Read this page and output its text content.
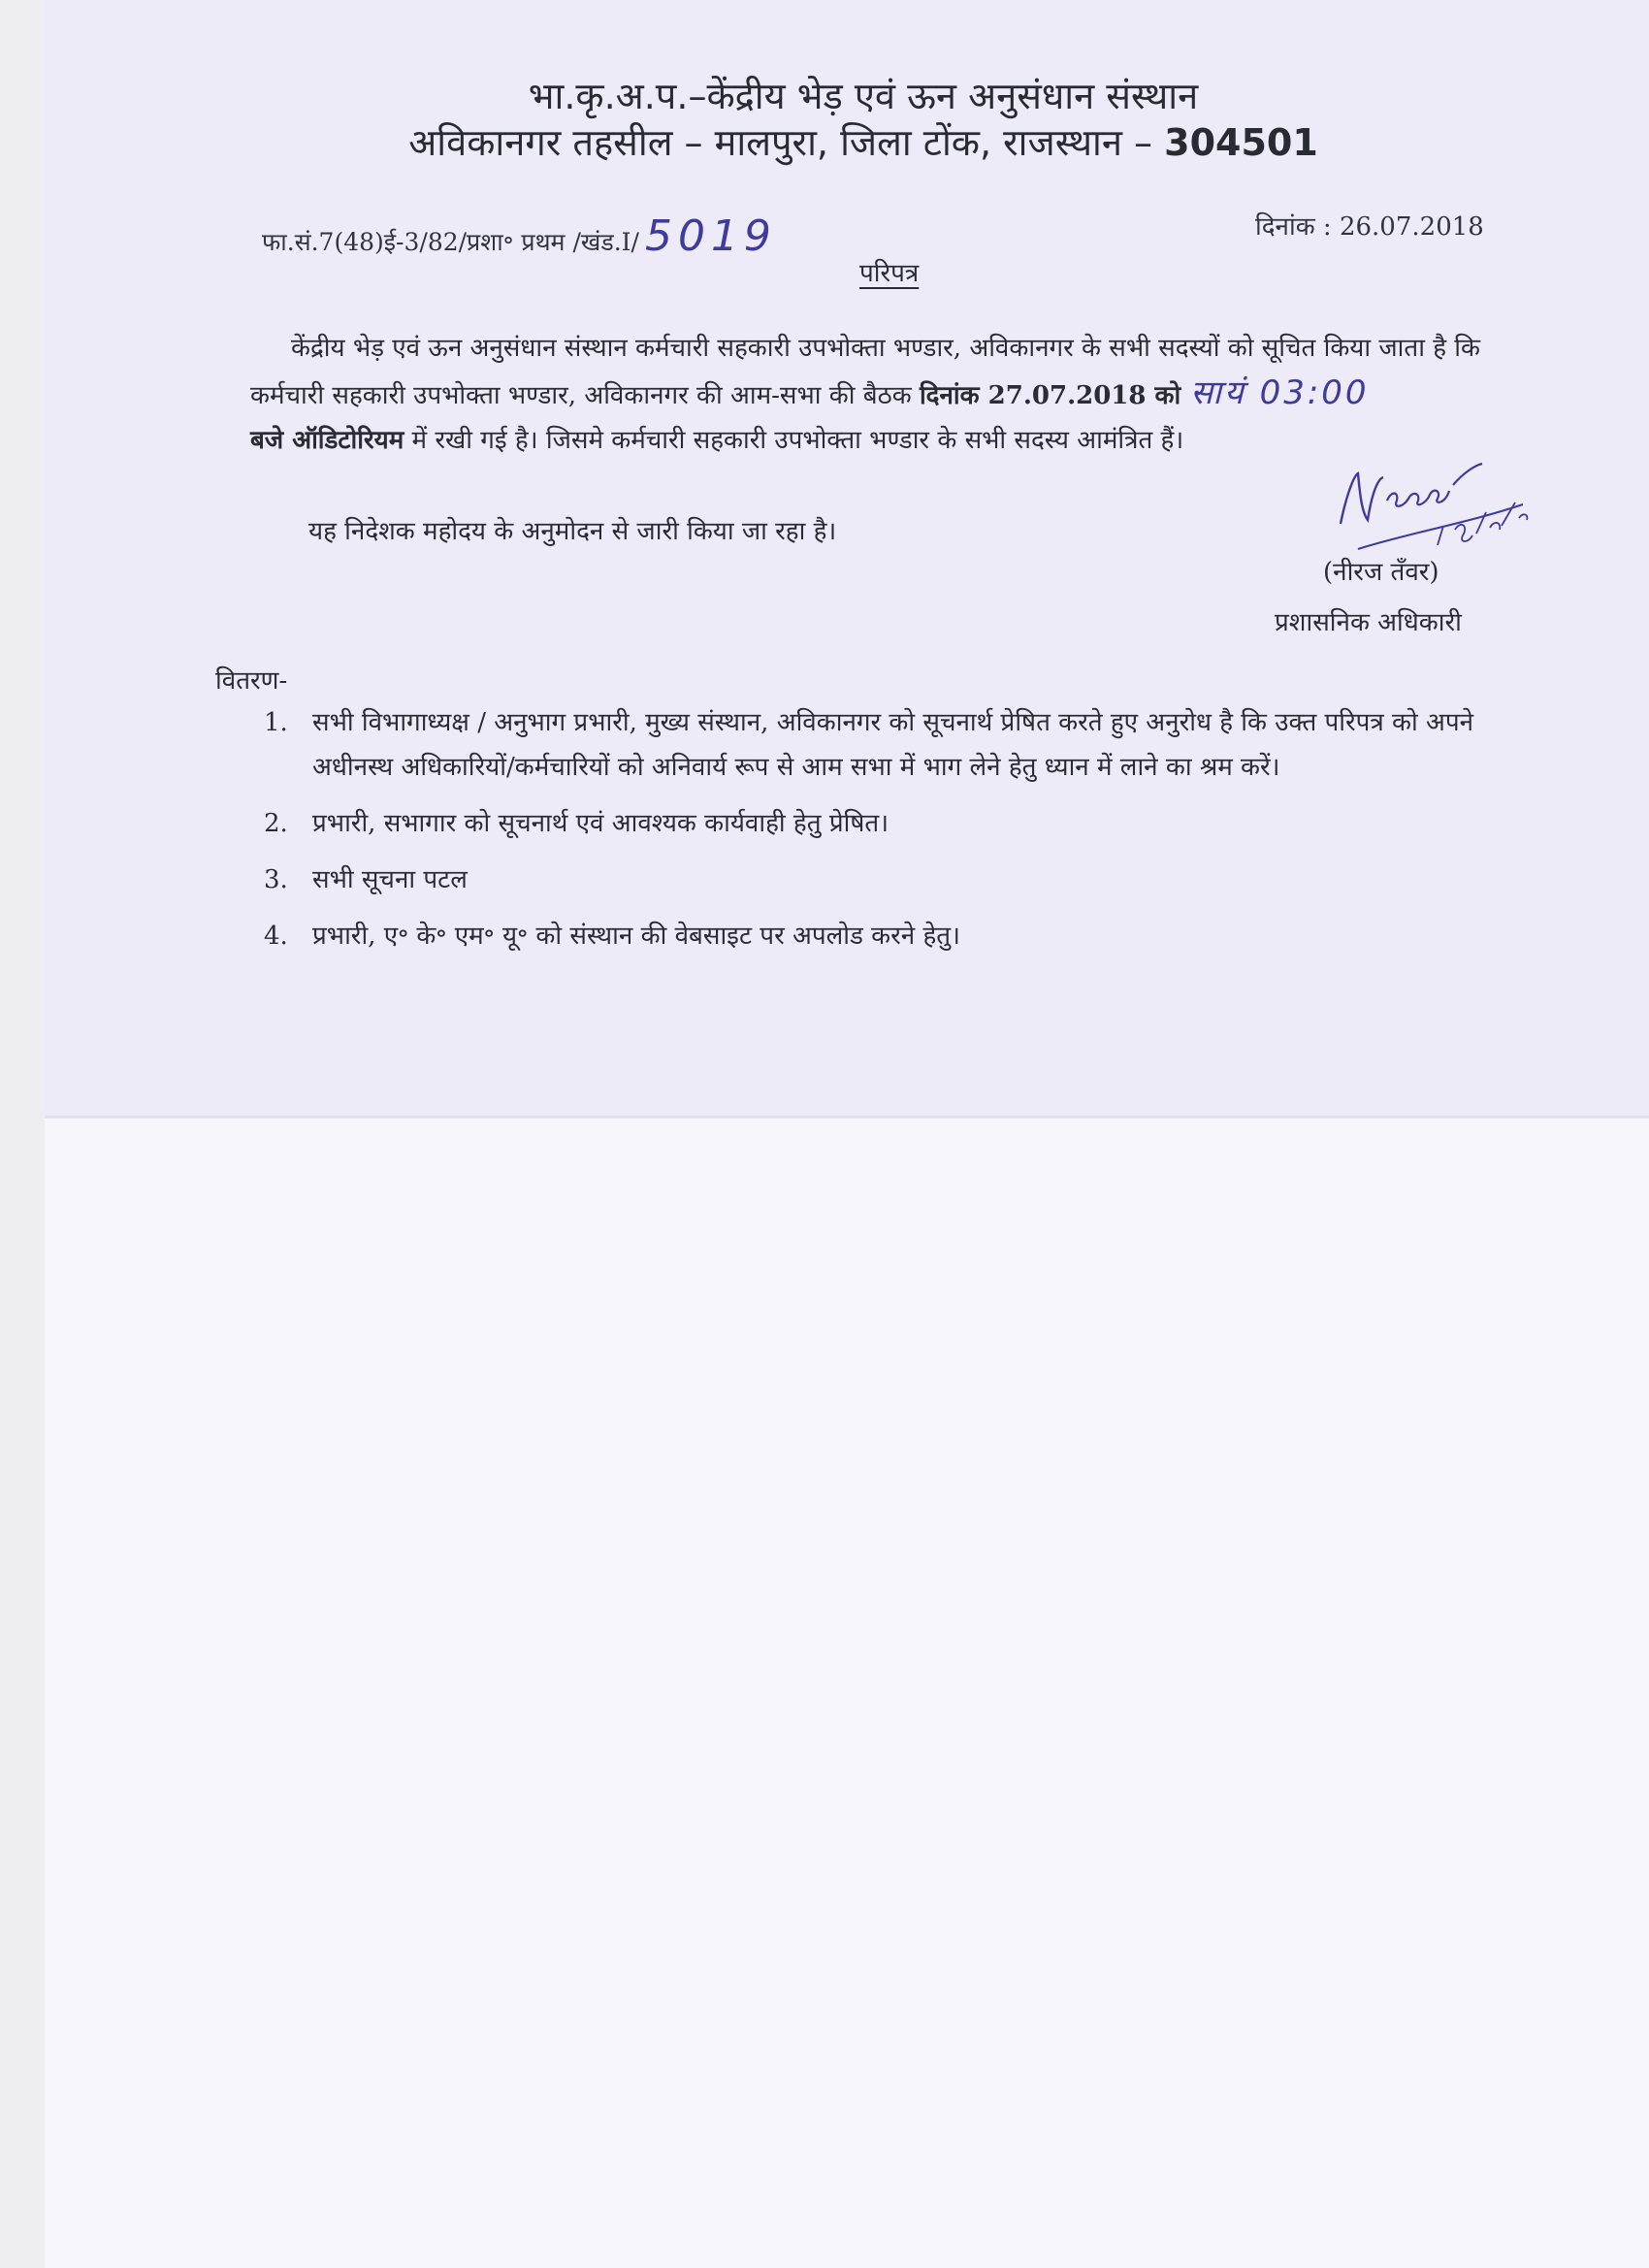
भा.कृ.अ.प.–केंद्रीय भेड़ एवं ऊन अनुसंधान संस्थान
अविकानगर तहसील – मालपुरा, जिला टोंक, राजस्थान – 304501
फा.सं.7(48)ई-3/82/प्रशा॰ प्रथम /खंड.I/ 5019	दिनांक : 26.07.2018
परिपत्र
केंद्रीय भेड़ एवं ऊन अनुसंधान संस्थान कर्मचारी सहकारी उपभोक्ता भण्डार, अविकानगर के सभी सदस्यों को सूचित किया जाता है कि कर्मचारी सहकारी उपभोक्ता भण्डार, अविकानगर की आम-सभा की बैठक दिनांक 27.07.2018 को सायं 03:00
बजे ऑडिटोरियम में रखी गई है। जिसमे कर्मचारी सहकारी उपभोक्ता भण्डार के सभी सदस्य आमंत्रित हैं।
यह निदेशक महोदय के अनुमोदन से जारी किया जा रहा है।
(नीरज तँवर)
प्रशासनिक अधिकारी
वितरण-
1. सभी विभागाध्यक्ष / अनुभाग प्रभारी, मुख्य संस्थान, अविकानगर को सूचनार्थ प्रेषित करते हुए अनुरोध है कि उक्त परिपत्र को अपने अधीनस्थ अधिकारियों/कर्मचारियों को अनिवार्य रूप से आम सभा में भाग लेने हेतु ध्यान में लाने का श्रम करें।
2. प्रभारी, सभागार को सूचनार्थ एवं आवश्यक कार्यवाही हेतु प्रेषित।
3. सभी सूचना पटल
4. प्रभारी, ए॰ के॰ एम॰ यू॰ को संस्थान की वेबसाइट पर अपलोड करने हेतु।
